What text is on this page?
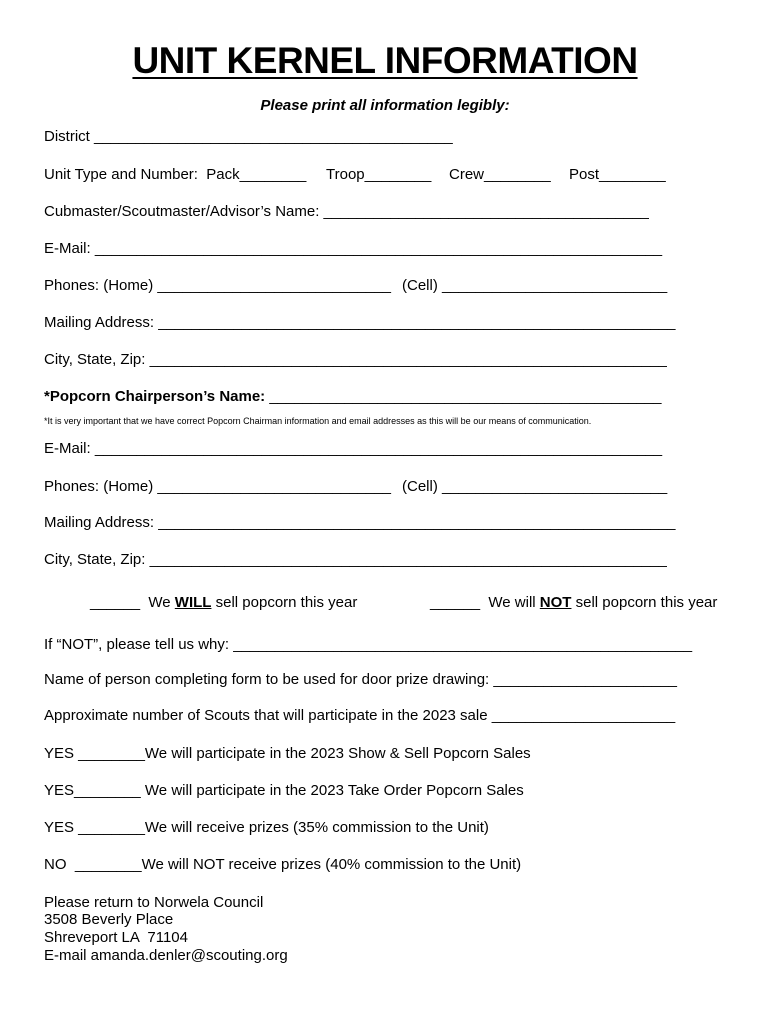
UNIT KERNEL INFORMATION
Please print all information legibly:
District ___________________________________________
Unit Type and Number:  Pack________ Troop________ Crew________ Post________
Cubmaster/Scoutmaster/Advisor’s Name: _______________________________________
E-Mail: ____________________________________________________________________
Phones: (Home) ____________________________ (Cell) ___________________________
Mailing Address: ______________________________________________________________
City, State, Zip: ______________________________________________________________
*Popcorn Chairperson’s Name: _______________________________________________
*It is very important that we have correct Popcorn Chairman information and email addresses as this will be our means of communication.
E-Mail: ____________________________________________________________________
Phones: (Home) ____________________________ (Cell) ___________________________
Mailing Address: ______________________________________________________________
City, State, Zip: ______________________________________________________________
______  We WILL sell popcorn this year	______  We will NOT sell popcorn this year
If “NOT”, please tell us why: _______________________________________________________
Name of person completing form to be used for door prize drawing: ______________________
Approximate number of Scouts that will participate in the 2023 sale ______________________
YES ________We will participate in the 2023 Show & Sell Popcorn Sales
YES________ We will participate in the 2023 Take Order Popcorn Sales
YES ________We will receive prizes (35% commission to the Unit)
NO  ________We will NOT receive prizes (40% commission to the Unit)
Please return to Norwela Council
3508 Beverly Place
Shreveport LA  71104
E-mail amanda.denler@scouting.org
